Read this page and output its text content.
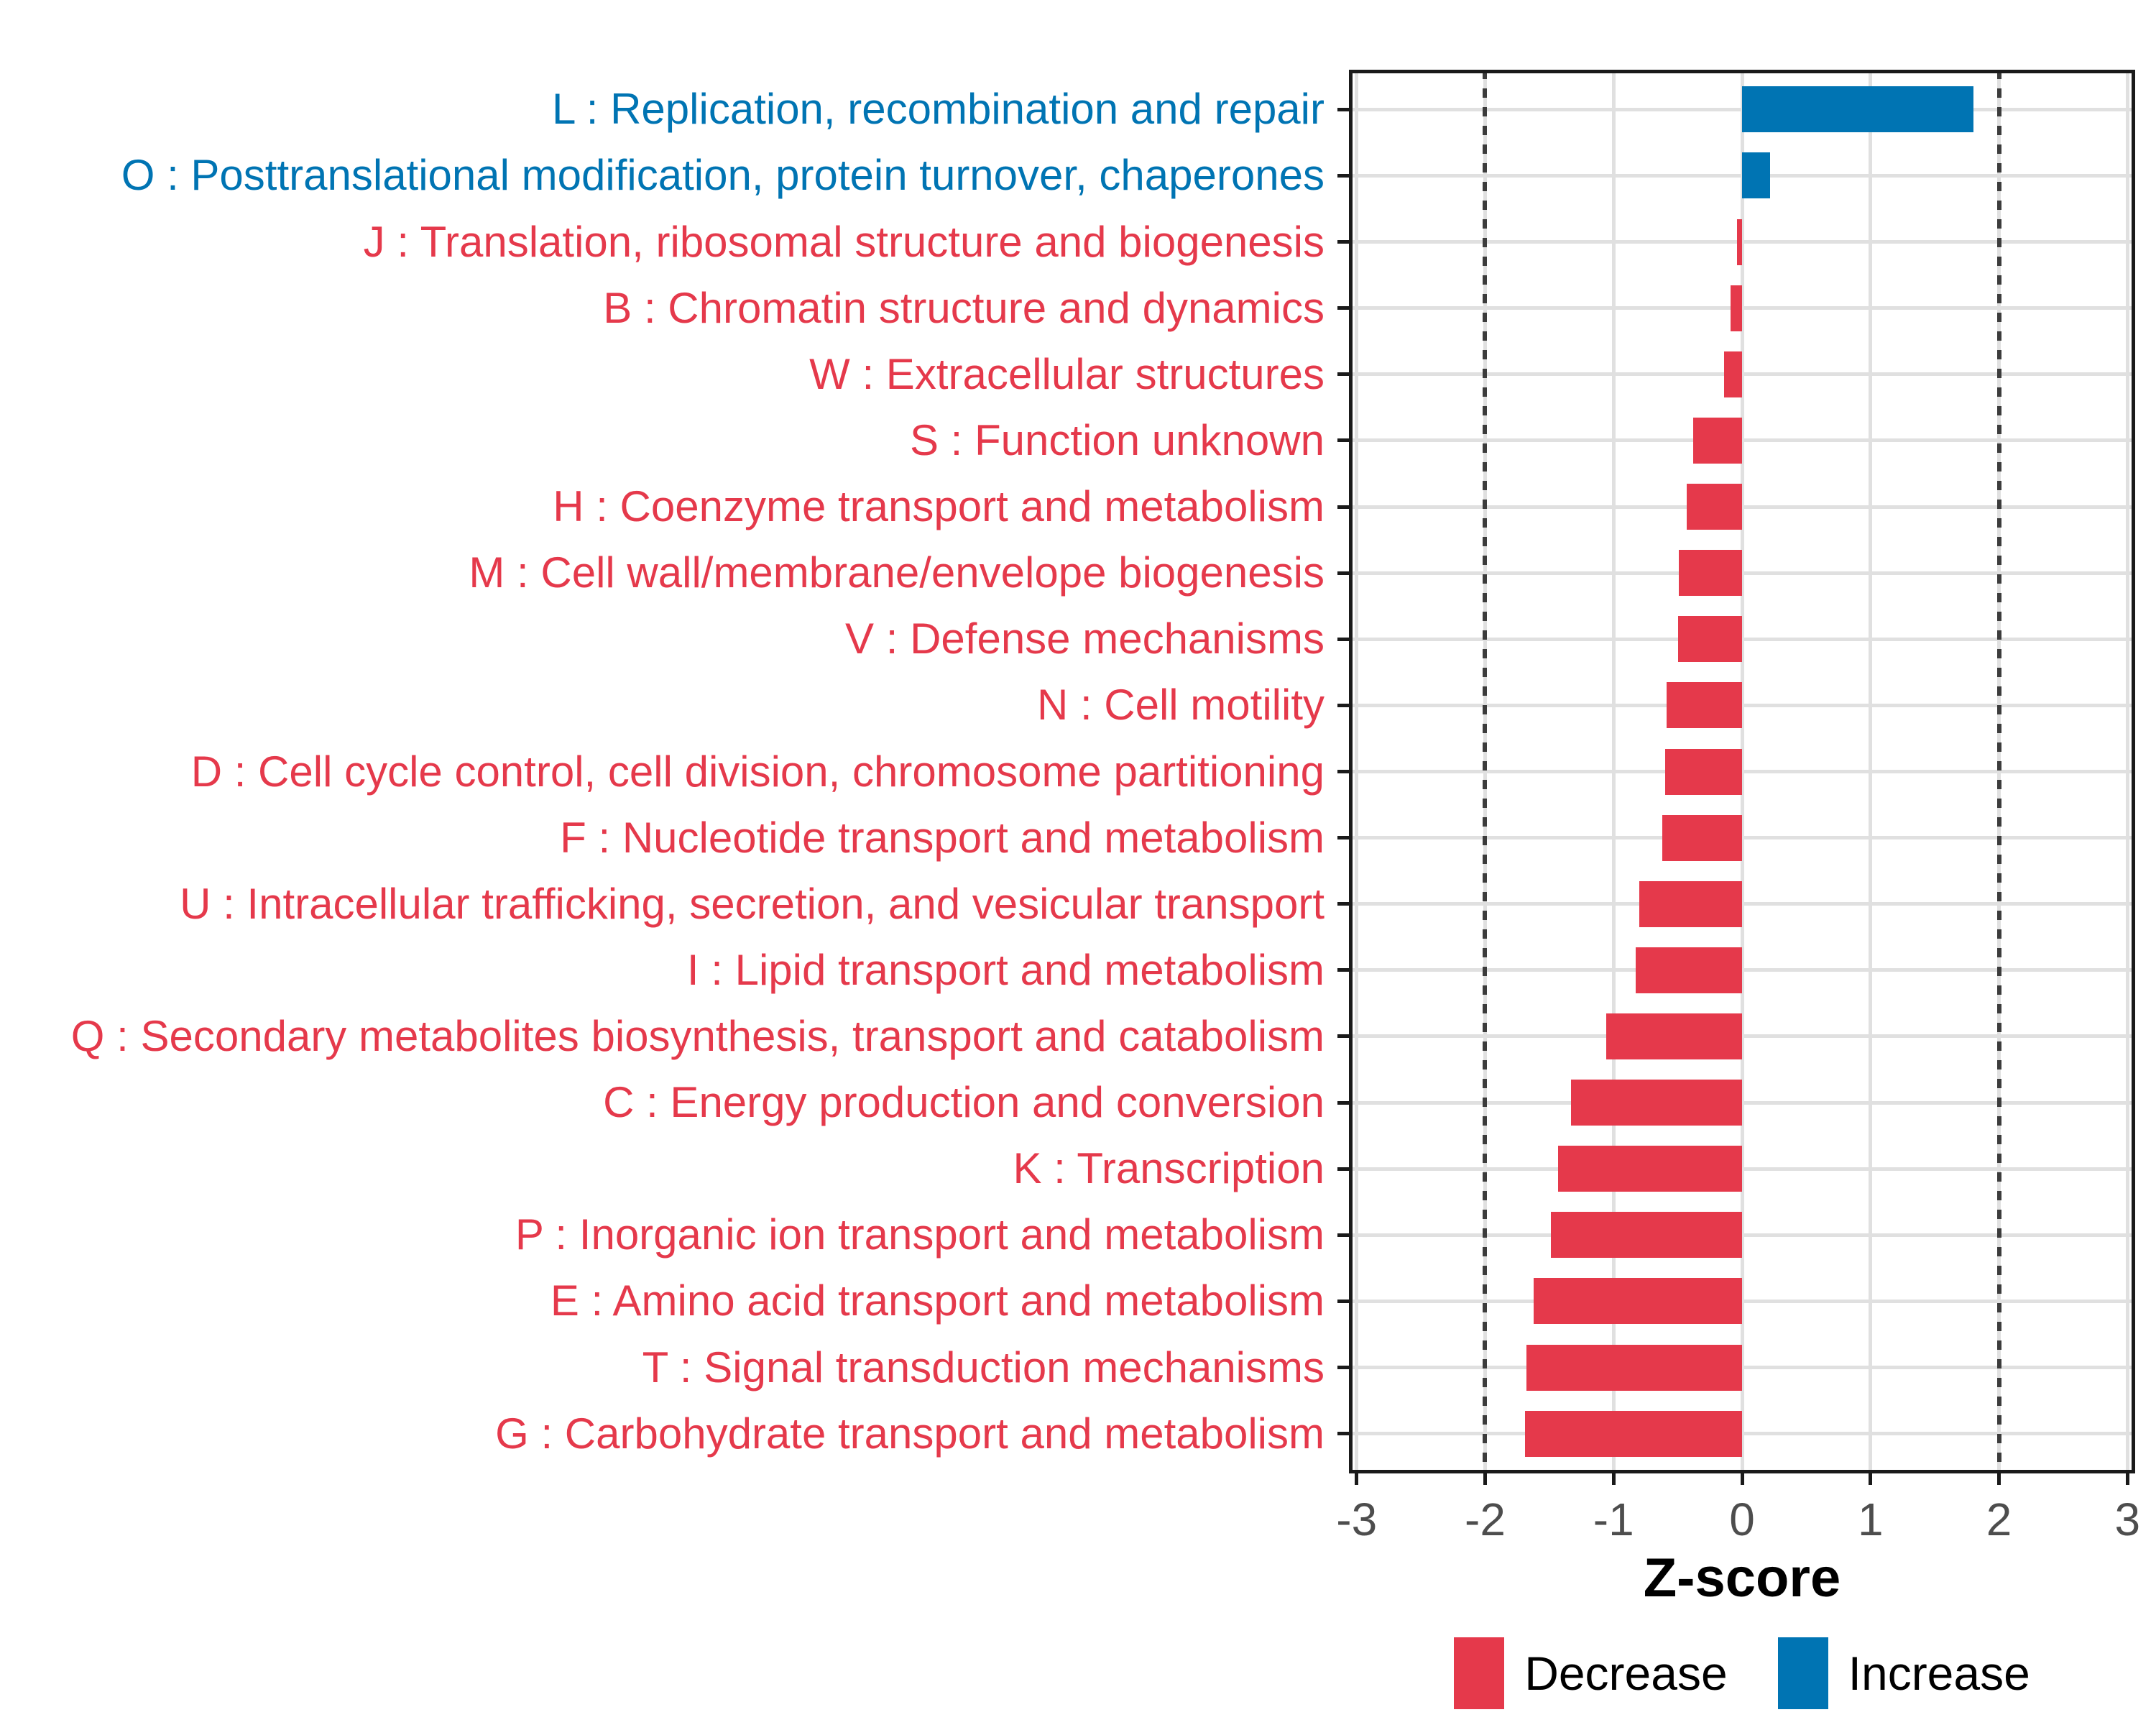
L : Replication, recombination and repair
O : Posttranslational modification, protein turnover, chaperones
J : Translation, ribosomal structure and biogenesis
B : Chromatin structure and dynamics
W : Extracellular structures
S : Function unknown
H : Coenzyme transport and metabolism
M : Cell wall/membrane/envelope biogenesis
V : Defense mechanisms
N : Cell motility
D : Cell cycle control, cell division, chromosome partitioning
F : Nucleotide transport and metabolism
U : Intracellular trafficking, secretion, and vesicular transport
I : Lipid transport and metabolism
Q : Secondary metabolites biosynthesis, transport and catabolism
C : Energy production and conversion
K : Transcription
P : Inorganic ion transport and metabolism
E : Amino acid transport and metabolism
T : Signal transduction mechanisms
G : Carbohydrate transport and metabolism
-3	-2	-1	0	1	2	3
Z-score
Decrease	Increase
